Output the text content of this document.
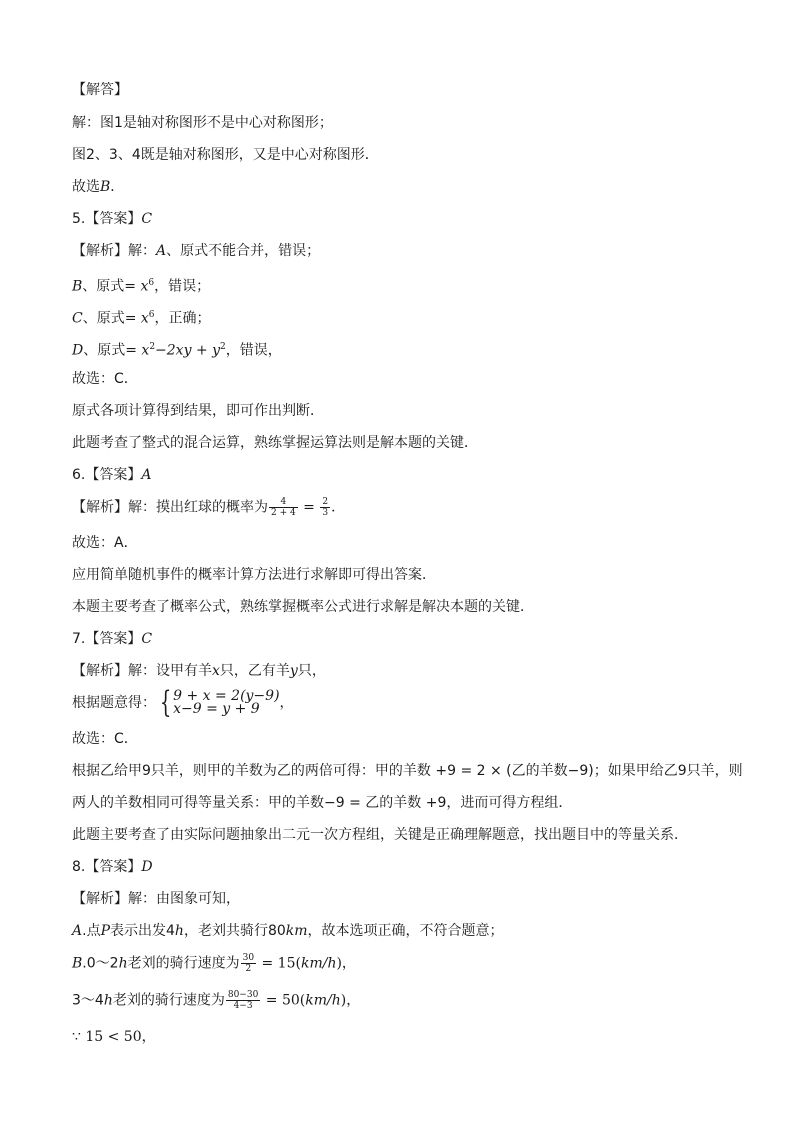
【解答】
解：图1是轴对称图形不是中心对称图形；
图2、3、4既是轴对称图形，又是中心对称图形．
故选B．
5.【答案】C
【解析】解：A、原式不能合并，错误；
B、原式= $x^6$，错误；
C、原式= $x^6$，正确；
D、原式= $x^2-2xy + y^2$，错误，
故选：C．
原式各项计算得到结果，即可作出判断．
此题考查了整式的混合运算，熟练掌握运算法则是解本题的关键．
6.【答案】A
【解析】解：摸出红球的概率为 $\frac{4}{2 + 4} = \frac{2}{3}$ ．
故选：A．
应用简单随机事件的概率计算方法进行求解即可得出答案．
本题主要考查了概率公式，熟练掌握概率公式进行求解是解决本题的关键．
7.【答案】C
【解析】解：设甲有羊x只，乙有羊y只，
根据题意得： { 9 + x = 2(y−9)
x−9 = y + 9	，
故选：C．
根据乙给甲9只羊，则甲的羊数为乙的两倍可得：甲的羊数 +9 = 2 × (乙的羊数−9)；如果甲给乙9只羊，则
两人的羊数相同可得等量关系：甲的羊数−9 = 乙的羊数 +9，进而可得方程组．
此题主要考查了由实际问题抽象出二元一次方程组，关键是正确理解题意，找出题目中的等量关系．
8.【答案】D
【解析】解：由图象可知，
A.点P表示出发4h，老刘共骑行80km，故本选项正确，不符合题意；
B.0～2h老刘的骑行速度为 $\frac{30}{2} = 15(km/h)$，
3～4h老刘的骑行速度为 $\frac{80-30}{4-3} = 50(km/h)$，
∵ 15 < 50，
